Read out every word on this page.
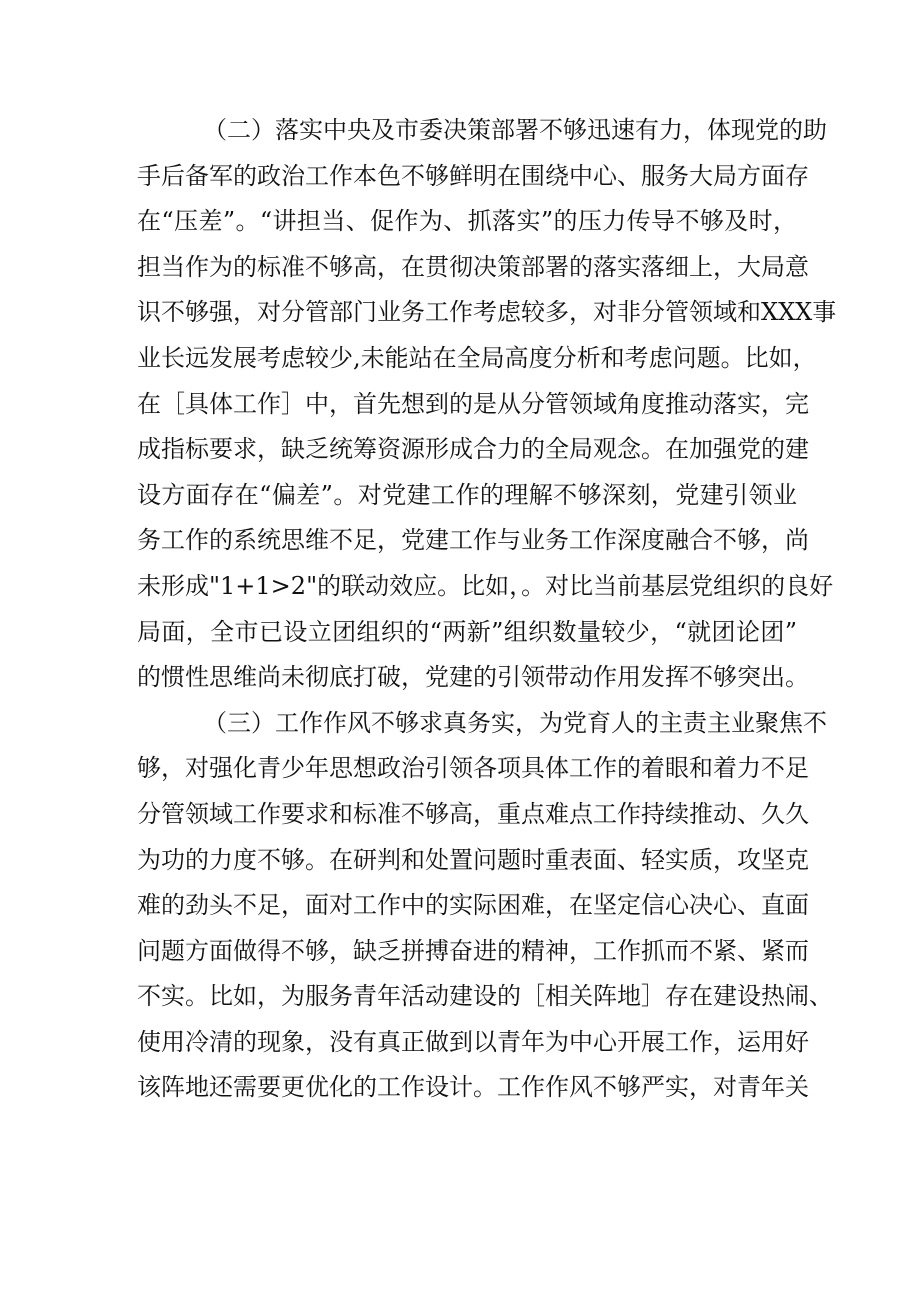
（二）落实中央及市委决策部署不够迅速有力，体现党的助
手后备军的政治工作本色不够鲜明在围绕中心、服务大局方面存
在“压差”。“讲担当、促作为、抓落实”的压力传导不够及时，
担当作为的标准不够高，在贯彻决策部署的落实落细上，大局意
识不够强，对分管部门业务工作考虑较多，对非分管领域和XXX事
业长远发展考虑较少,未能站在全局高度分析和考虑问题。比如，
在［具体工作］中，首先想到的是从分管领域角度推动落实，完
成指标要求，缺乏统筹资源形成合力的全局观念。在加强党的建
设方面存在“偏差”。对党建工作的理解不够深刻，党建引领业
务工作的系统思维不足，党建工作与业务工作深度融合不够，尚
未形成"1+1>2"的联动效应。比如，。对比当前基层党组织的良好
局面，全市已设立团组织的“两新”组织数量较少，“就团论团”
的惯性思维尚未彻底打破，党建的引领带动作用发挥不够突出。
（三）工作作风不够求真务实，为党育人的主责主业聚焦不
够，对强化青少年思想政治引领各项具体工作的着眼和着力不足
分管领域工作要求和标准不够高，重点难点工作持续推动、久久
为功的力度不够。在研判和处置问题时重表面、轻实质，攻坚克
难的劲头不足，面对工作中的实际困难，在坚定信心决心、直面
问题方面做得不够，缺乏拼搏奋进的精神，工作抓而不紧、紧而
不实。比如，为服务青年活动建设的［相关阵地］存在建设热闹、
使用冷清的现象，没有真正做到以青年为中心开展工作，运用好
该阵地还需要更优化的工作设计。工作作风不够严实，对青年关
